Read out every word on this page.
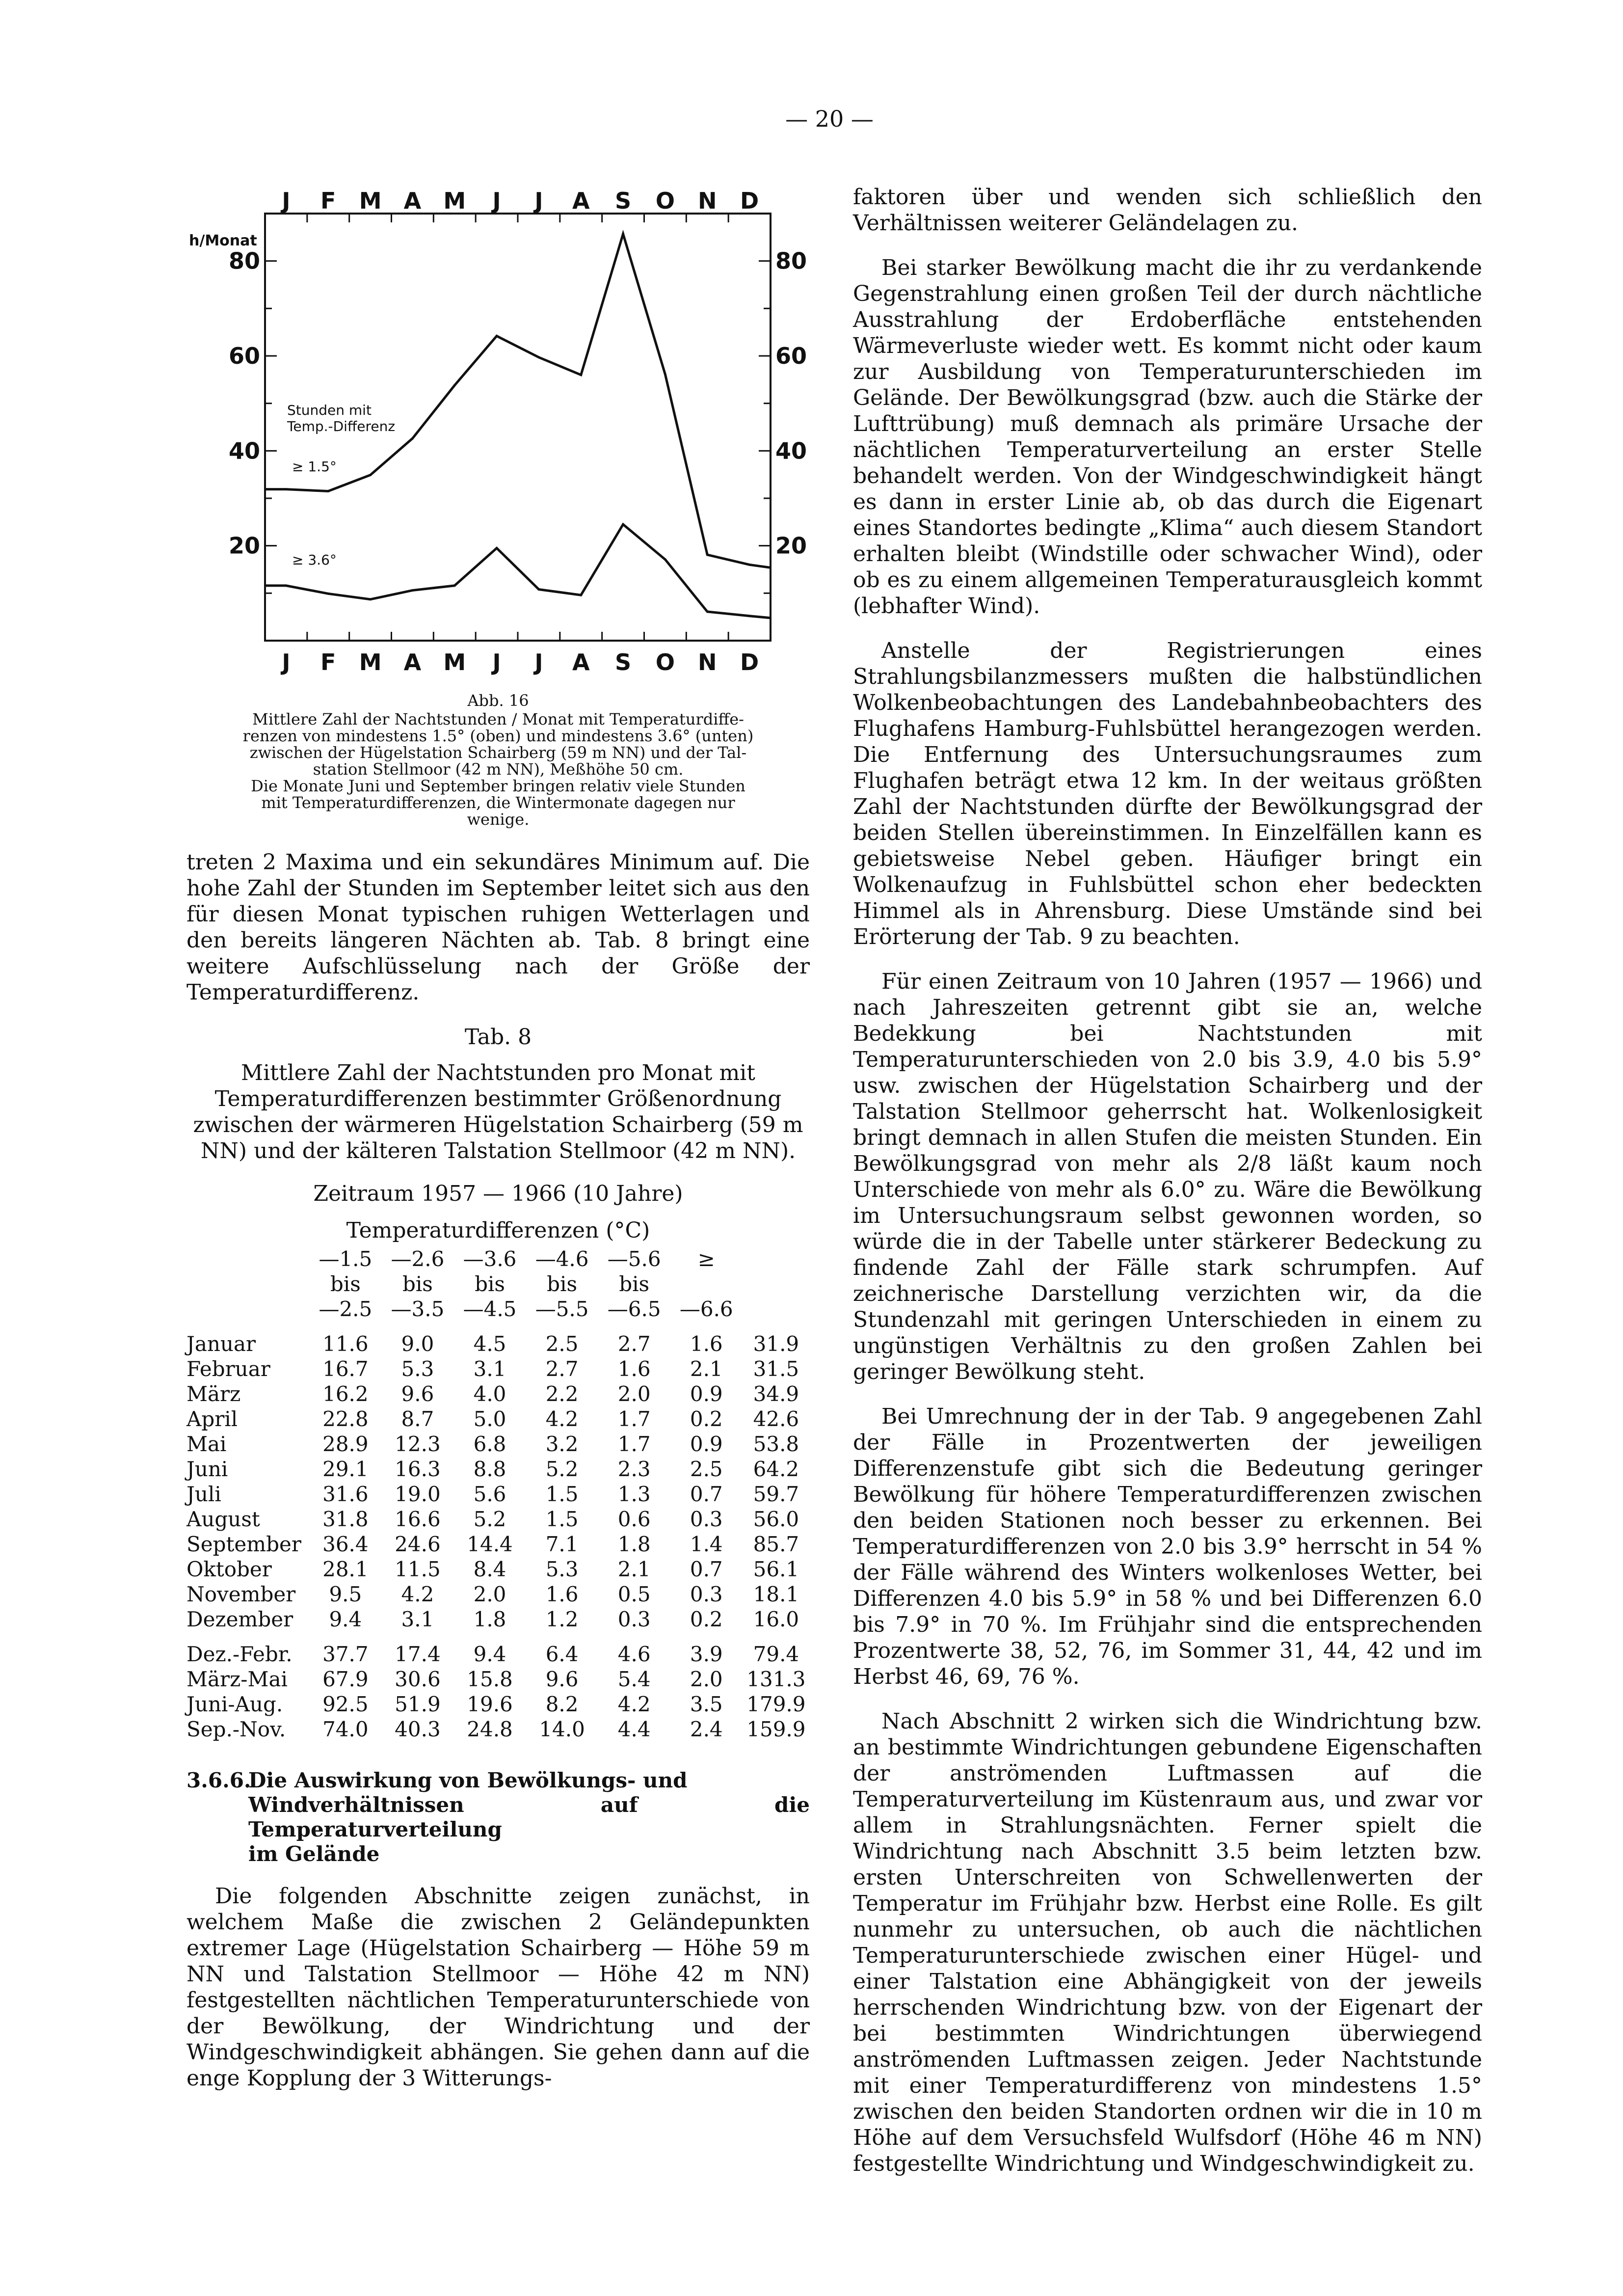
— 20 —
J
J
F
F
M
M
A
A
M
M
J
J
J
J
A
A
S
S
O
O
N
N
D
D
80	80
60	60
40	40
20	20
h/Monat
Stunden mit
Temp.-Differenz
≥ 1.5°
≥ 3.6°
Abb. 16
Mittlere Zahl der Nachtstunden / Monat mit Temperaturdiffe-
renzen von mindestens 1.5° (oben) und mindestens 3.6° (unten)
zwischen der Hügelstation Schairberg (59 m NN) und der Tal-
station Stellmoor (42 m NN), Meßhöhe 50 cm.
Die Monate Juni und September bringen relativ viele Stunden
mit Temperaturdifferenzen, die Wintermonate dagegen nur
wenige.

treten 2 Maxima und ein sekundäres Minimum auf. Die hohe Zahl der Stunden im September leitet sich aus den für diesen Monat typischen ruhigen Wetterlagen und den bereits längeren Nächten ab. Tab. 8 bringt eine weitere Aufschlüsselung nach der Größe der Temperaturdifferenz.

Tab. 8
Mittlere Zahl der Nachtstunden pro Monat mit Temperaturdifferenzen bestimmter Größenordnung zwischen der wärmeren Hügelstation Schairberg (59 m NN) und der kälteren Talstation Stellmoor (42 m NN).
Zeitraum 1957 — 1966 (10 Jahre)
Temperaturdifferenzen (°C)
	—1.5	—2.6	—3.6	—4.6	—5.6	≥	
	bis	bis	bis	bis	bis		
	—2.5	—3.5	—4.5	—5.5	—6.5	—6.6	
Januar	11.6	9.0	4.5	2.5	2.7	1.6	31.9
Februar	16.7	5.3	3.1	2.7	1.6	2.1	31.5
März	16.2	9.6	4.0	2.2	2.0	0.9	34.9
April	22.8	8.7	5.0	4.2	1.7	0.2	42.6
Mai	28.9	12.3	6.8	3.2	1.7	0.9	53.8
Juni	29.1	16.3	8.8	5.2	2.3	2.5	64.2
Juli	31.6	19.0	5.6	1.5	1.3	0.7	59.7
August	31.8	16.6	5.2	1.5	0.6	0.3	56.0
September	36.4	24.6	14.4	7.1	1.8	1.4	85.7
Oktober	28.1	11.5	8.4	5.3	2.1	0.7	56.1
November	9.5	4.2	2.0	1.6	0.5	0.3	18.1
Dezember	9.4	3.1	1.8	1.2	0.3	0.2	16.0
Dez.-Febr.	37.7	17.4	9.4	6.4	4.6	3.9	79.4
März-Mai	67.9	30.6	15.8	9.6	5.4	2.0	131.3
Juni-Aug.	92.5	51.9	19.6	8.2	4.2	3.5	179.9
Sep.-Nov.	74.0	40.3	24.8	14.0	4.4	2.4	159.9
3.6.6.Die Auswirkung von Bewölkungs- und
Windverhältnissen auf die Temperaturverteilung
im Gelände

Die folgenden Abschnitte zeigen zunächst, in welchem Maße die zwischen 2 Geländepunkten extremer Lage (Hügelstation Schairberg — Höhe 59 m NN und Talstation Stellmoor — Höhe 42 m NN) festgestellten nächtlichen Temperaturunterschiede von der Bewölkung, der Windrichtung und der Windgeschwindigkeit abhängen. Sie gehen dann auf die enge Kopplung der 3 Witterungs-

faktoren über und wenden sich schließlich den Verhältnissen weiterer Geländelagen zu.

Bei starker Bewölkung macht die ihr zu verdankende Gegenstrahlung einen großen Teil der durch nächtliche Ausstrahlung der Erdoberfläche entstehenden Wärmeverluste wieder wett. Es kommt nicht oder kaum zur Ausbildung von Temperaturunterschieden im Gelände. Der Bewölkungsgrad (bzw. auch die Stärke der Lufttrübung) muß demnach als primäre Ursache der nächtlichen Temperaturverteilung an erster Stelle behandelt werden. Von der Windgeschwindigkeit hängt es dann in erster Linie ab, ob das durch die Eigenart eines Standortes bedingte „Klima“ auch diesem Standort erhalten bleibt (Windstille oder schwacher Wind), oder ob es zu einem allgemeinen Temperaturausgleich kommt (lebhafter Wind).

Anstelle der Registrierungen eines Strahlungsbilanzmessers mußten die halbstündlichen Wolkenbeobachtungen des Landebahnbeobachters des Flughafens Hamburg-Fuhlsbüttel herangezogen werden. Die Entfernung des Untersuchungsraumes zum Flughafen beträgt etwa 12 km. In der weitaus größten Zahl der Nachtstunden dürfte der Bewölkungsgrad der beiden Stellen übereinstimmen. In Einzelfällen kann es gebietsweise Nebel geben. Häufiger bringt ein Wolkenaufzug in Fuhlsbüttel schon eher bedeckten Himmel als in Ahrensburg. Diese Umstände sind bei Erörterung der Tab. 9 zu beachten.

Für einen Zeitraum von 10 Jahren (1957 — 1966) und nach Jahreszeiten getrennt gibt sie an, welche Bedekkung bei Nachtstunden mit Temperaturunterschieden von 2.0 bis 3.9, 4.0 bis 5.9° usw. zwischen der Hügelstation Schairberg und der Talstation Stellmoor geherrscht hat. Wolkenlosigkeit bringt demnach in allen Stufen die meisten Stunden. Ein Bewölkungsgrad von mehr als 2/8 läßt kaum noch Unterschiede von mehr als 6.0° zu. Wäre die Bewölkung im Untersuchungsraum selbst gewonnen worden, so würde die in der Tabelle unter stärkerer Bedeckung zu findende Zahl der Fälle stark schrumpfen. Auf zeichnerische Darstellung verzichten wir, da die Stundenzahl mit geringen Unterschieden in einem zu ungünstigen Verhältnis zu den großen Zahlen bei geringer Bewölkung steht.

Bei Umrechnung der in der Tab. 9 angegebenen Zahl der Fälle in Prozentwerten der jeweiligen Differenzenstufe gibt sich die Bedeutung geringer Bewölkung für höhere Temperaturdifferenzen zwischen den beiden Stationen noch besser zu erkennen. Bei Temperaturdifferenzen von 2.0 bis 3.9° herrscht in 54 % der Fälle während des Winters wolkenloses Wetter, bei Differenzen 4.0 bis 5.9° in 58 % und bei Differenzen 6.0 bis 7.9° in 70 %. Im Frühjahr sind die entsprechenden Prozentwerte 38, 52, 76, im Sommer 31, 44, 42 und im Herbst 46, 69, 76 %.

Nach Abschnitt 2 wirken sich die Windrichtung bzw. an bestimmte Windrichtungen gebundene Eigenschaften der anströmenden Luftmassen auf die Temperaturverteilung im Küstenraum aus, und zwar vor allem in Strahlungsnächten. Ferner spielt die Windrichtung nach Abschnitt 3.5 beim letzten bzw. ersten Unterschreiten von Schwellenwerten der Temperatur im Frühjahr bzw. Herbst eine Rolle. Es gilt nunmehr zu untersuchen, ob auch die nächtlichen Temperaturunterschiede zwischen einer Hügel- und einer Talstation eine Abhängigkeit von der jeweils herrschenden Windrichtung bzw. von der Eigenart der bei bestimmten Windrichtungen überwiegend anströmenden Luftmassen zeigen. Jeder Nachtstunde mit einer Temperaturdifferenz von mindestens 1.5° zwischen den beiden Standorten ordnen wir die in 10 m Höhe auf dem Versuchsfeld Wulfsdorf (Höhe 46 m NN) festgestellte Windrichtung und Windgeschwindigkeit zu.
